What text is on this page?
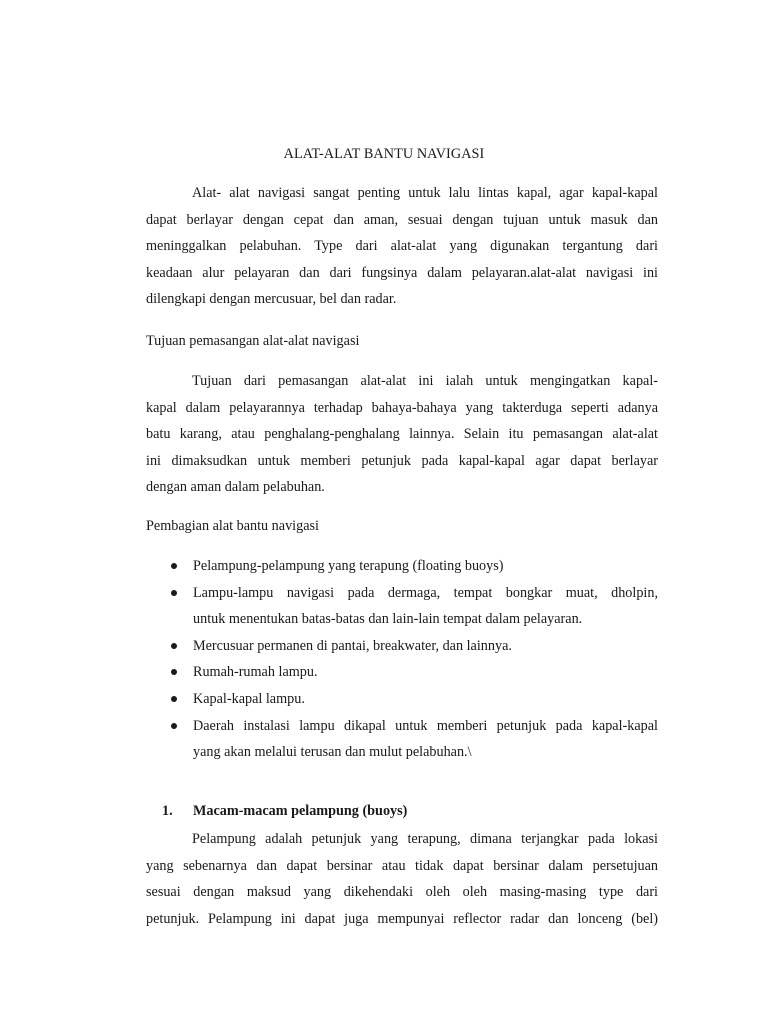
ALAT-ALAT BANTU NAVIGASI

Alat- alat navigasi sangat penting untuk lalu lintas kapal, agar kapal-kapal
dapat berlayar dengan cepat dan aman, sesuai dengan tujuan untuk masuk dan
meninggalkan pelabuhan. Type dari alat-alat yang digunakan tergantung dari
keadaan alur pelayaran dan dari fungsinya dalam pelayaran.alat-alat navigasi ini
dilengkapi dengan mercusuar, bel dan radar.

Tujuan pemasangan alat-alat navigasi

Tujuan dari pemasangan alat-alat ini ialah untuk mengingatkan kapal-
kapal dalam pelayarannya terhadap bahaya-bahaya yang takterduga seperti adanya
batu karang, atau penghalang-penghalang lainnya. Selain itu pemasangan alat-alat
ini dimaksudkan untuk memberi petunjuk pada kapal-kapal agar dapat berlayar
dengan aman dalam pelabuhan.

Pembagian alat bantu navigasi
Pelampung-pelampung yang terapung (floating buoys)
Lampu-lampu navigasi pada dermaga, tempat bongkar muat, dholpin,
untuk menentukan batas-batas dan lain-lain tempat dalam pelayaran.
Mercusuar permanen di pantai, breakwater, dan lainnya.
Rumah-rumah lampu.
Kapal-kapal lampu.
Daerah instalasi lampu dikapal untuk memberi petunjuk pada kapal-kapal
yang akan melalui terusan dan mulut pelabuhan.\
1. Macam-macam pelampung (buoys)

Pelampung adalah petunjuk yang terapung, dimana terjangkar pada lokasi
yang sebenarnya dan dapat bersinar atau tidak dapat bersinar dalam persetujuan
sesuai dengan maksud yang dikehendaki oleh oleh masing-masing type dari
petunjuk. Pelampung ini dapat juga mempunyai reflector radar dan lonceng (bel)
